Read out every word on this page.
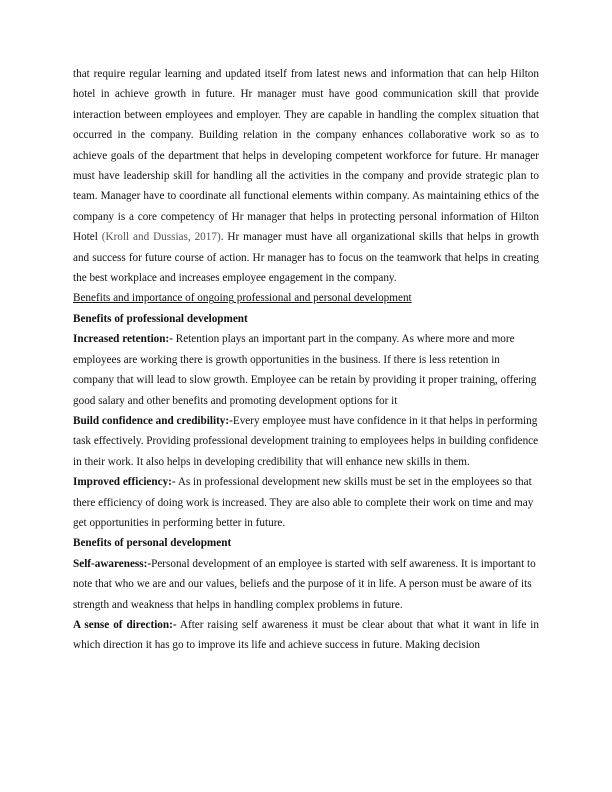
that require regular learning and updated itself from latest news and information that can help Hilton hotel in achieve growth in future. Hr manager must have good communication skill that provide interaction between employees and employer. They are capable in handling the complex situation that occurred in the company. Building relation in the company enhances collaborative work so as to achieve goals of the department that helps in developing competent workforce for future. Hr manager must have leadership skill for handling all the activities in the company and provide strategic plan to team. Manager have to coordinate all functional elements within company. As maintaining ethics of the company is a core competency of Hr manager that helps in protecting personal information of Hilton Hotel (Kroll and Dussias, 2017). Hr manager must have all organizational skills that helps in growth and success for future course of action. Hr manager has to focus on the teamwork that helps in creating the best workplace and increases employee engagement in the company.

Benefits and importance of ongoing professional and personal development

Benefits of professional development

Increased retention:- Retention plays an important part in the company. As where more and more employees are working there is growth opportunities in the business. If there is less retention in company that will lead to slow growth. Employee can be retain by providing it proper training, offering good salary and other benefits and promoting development options for it

Build confidence and credibility:-Every employee must have confidence in it that helps in performing task effectively. Providing professional development training to employees helps in building confidence in their work. It also helps in developing credibility that will enhance new skills in them.

Improved efficiency:- As in professional development new skills must be set in the employees so that there efficiency of doing work is increased. They are also able to complete their work on time and may get opportunities in performing better in future.

Benefits of personal development

Self-awareness:-Personal development of an employee is started with self awareness. It is important to note that who we are and our values, beliefs and the purpose of it in life. A person must be aware of its strength and weakness that helps in handling complex problems in future.

A sense of direction:- After raising self awareness it must be clear about that what it want in life in which direction it has go to improve its life and achieve success in future. Making decision
